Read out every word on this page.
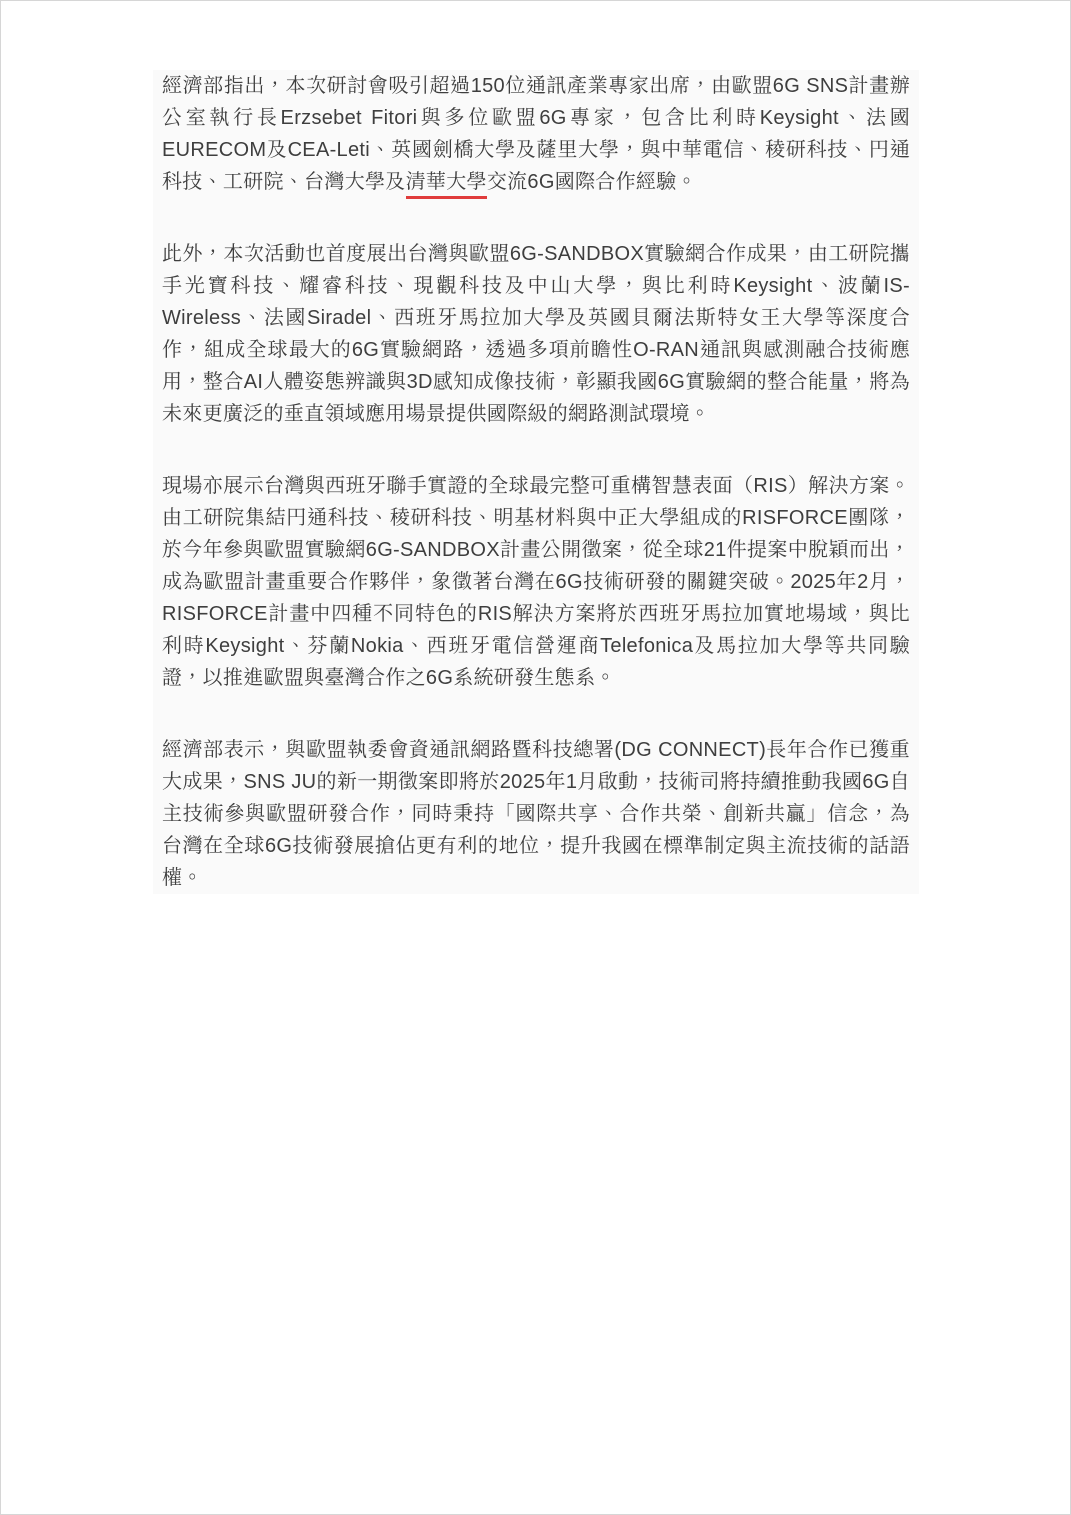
經濟部指出，本次研討會吸引超過150位通訊產業專家出席，由歐盟6G SNS計畫辦公室執行長Erzsebet Fitori與多位歐盟6G專家，包含比利時Keysight、法國EURECOM及CEA-Leti、英國劍橋大學及薩里大學，與中華電信、稜研科技、円通科技、工研院、台灣大學及清華大學交流6G國際合作經驗。

此外，本次活動也首度展出台灣與歐盟6G-SANDBOX實驗網合作成果，由工研院攜手光寶科技、耀睿科技、現觀科技及中山大學，與比利時Keysight、波蘭IS-Wireless、法國Siradel、西班牙馬拉加大學及英國貝爾法斯特女王大學等深度合作，組成全球最大的6G實驗網路，透過多項前瞻性O-RAN通訊與感測融合技術應用，整合AI人體姿態辨識與3D感知成像技術，彰顯我國6G實驗網的整合能量，將為未來更廣泛的垂直領域應用場景提供國際級的網路測試環境。

現場亦展示台灣與西班牙聯手實證的全球最完整可重構智慧表面（RIS）解決方案。由工研院集結円通科技、稜研科技、明基材料與中正大學組成的RISFORCE團隊，於今年參與歐盟實驗網6G-SANDBOX計畫公開徵案，從全球21件提案中脫穎而出，成為歐盟計畫重要合作夥伴，象徵著台灣在6G技術研發的關鍵突破。2025年2月，RISFORCE計畫中四種不同特色的RIS解決方案將於西班牙馬拉加實地場域，與比利時Keysight、芬蘭Nokia、西班牙電信營運商Telefonica及馬拉加大學等共同驗證，以推進歐盟與臺灣合作之6G系統研發生態系。

經濟部表示，與歐盟執委會資通訊網路暨科技總署(DG CONNECT)長年合作已獲重大成果，SNS JU的新一期徵案即將於2025年1月啟動，技術司將持續推動我國6G自主技術參與歐盟研發合作，同時秉持「國際共享、合作共榮、創新共贏」信念，為台灣在全球6G技術發展搶佔更有利的地位，提升我國在標準制定與主流技術的話語權。
